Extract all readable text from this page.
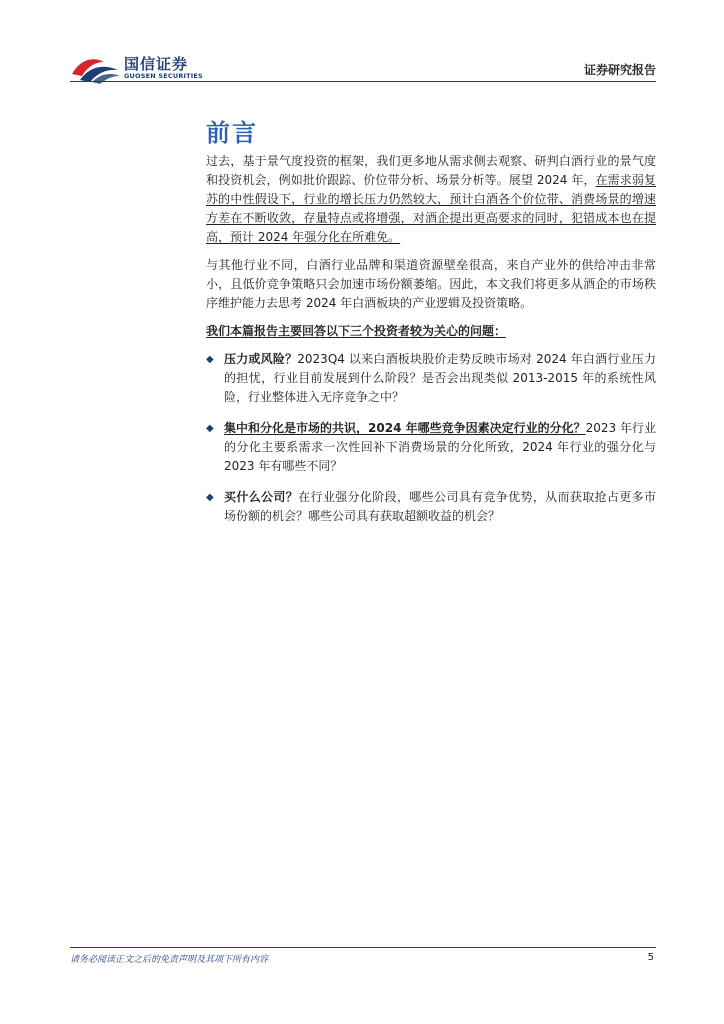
国信证券
GUOSEN SECURITIES	证券研究报告
前言

过去，基于景气度投资的框架，我们更多地从需求侧去观察、研判白酒行业的景气度和投资机会，例如批价跟踪、价位带分析、场景分析等。展望 2024 年，在需求弱复苏的中性假设下，行业的增长压力仍然较大，预计白酒各个价位带、消费场景的增速方差在不断收敛，存量特点或将增强，对酒企提出更高要求的同时，犯错成本也在提高，预计 2024 年强分化在所难免。

与其他行业不同，白酒行业品牌和渠道资源壁垒很高，来自产业外的供给冲击非常小，且低价竞争策略只会加速市场份额萎缩。因此，本文我们将更多从酒企的市场秩序维护能力去思考 2024 年白酒板块的产业逻辑及投资策略。

我们本篇报告主要回答以下三个投资者较为关心的问题：

◆ 压力或风险？2023Q4 以来白酒板块股价走势反映市场对 2024 年白酒行业压力的担忧，行业目前发展到什么阶段？是否会出现类似 2013-2015 年的系统性风险，行业整体进入无序竞争之中？
◆ 集中和分化是市场的共识，2024 年哪些竞争因素决定行业的分化？2023 年行业的分化主要系需求一次性回补下消费场景的分化所致，2024 年行业的强分化与 2023 年有哪些不同？
◆ 买什么公司？在行业强分化阶段，哪些公司具有竞争优势，从而获取抢占更多市场份额的机会？哪些公司具有获取超额收益的机会？
请务必阅读正文之后的免责声明及其项下所有内容	5
